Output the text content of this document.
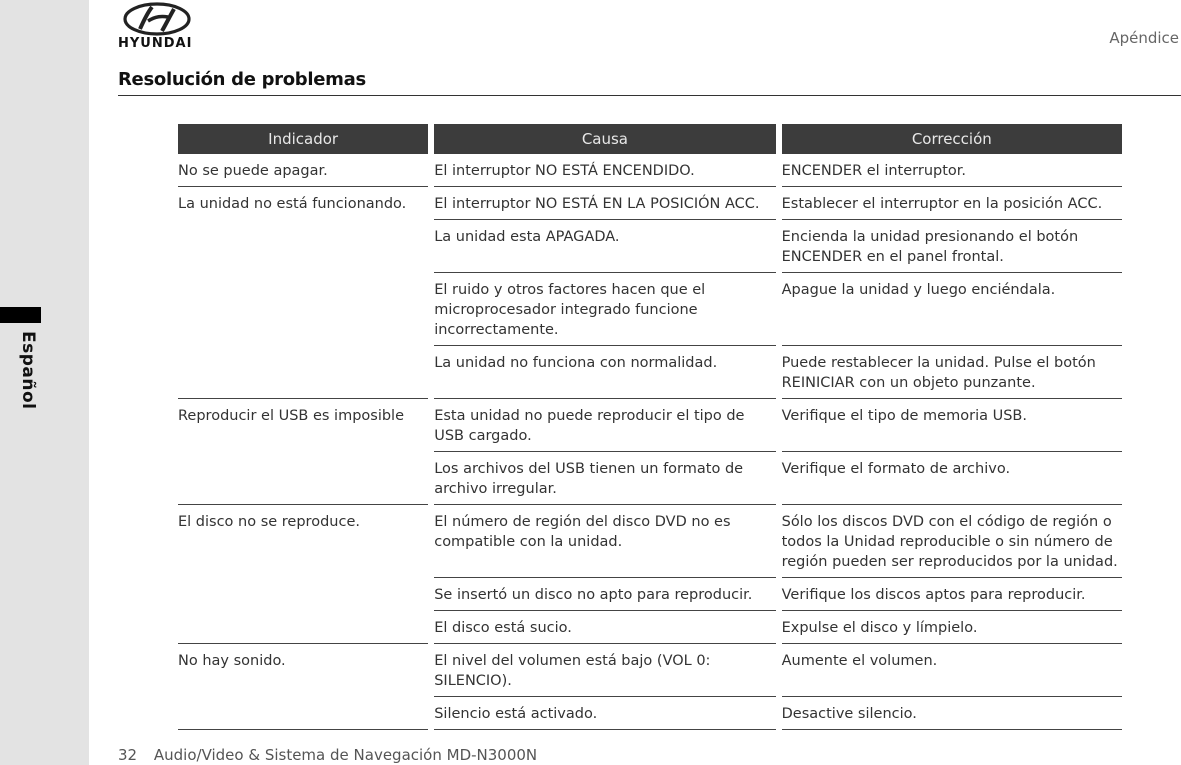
Español
HYUNDAI	Apéndice
Resolución de problemas
Indicador	Causa	Corrección
No se puede apagar.	El interruptor NO ESTÁ ENCENDIDO.	ENCENDER el interruptor.
La unidad no está funcionando.	El interruptor NO ESTÁ EN LA POSICIÓN ACC.	Establecer el interruptor en la posición ACC.
	La unidad esta APAGADA.	Encienda la unidad presionando el botón ENCENDER en el panel frontal.
	El ruido y otros factores hacen que el microprocesador integrado funcione incorrectamente.	Apague la unidad y luego enciéndala.
	La unidad no funciona con normalidad.	Puede restablecer la unidad. Pulse el botón REINICIAR con un objeto punzante.
Reproducir el USB es imposible	Esta unidad no puede reproducir el tipo de USB cargado.	Verifique el tipo de memoria USB.
	Los archivos del USB tienen un formato de archivo irregular.	Verifique el formato de archivo.
El disco no se reproduce.	El número de región del disco DVD no es compatible con la unidad.	Sólo los discos DVD con el código de región o todos la Unidad reproducible o sin número de región pueden ser reproducidos por la unidad.
	Se insertó un disco no apto para reproducir.	Verifique los discos aptos para reproducir.
	El disco está sucio.	Expulse el disco y límpielo.
No hay sonido.	El nivel del volumen está bajo (VOL 0: SILENCIO).	Aumente el volumen.
	Silencio está activado.	Desactive silencio.
32 Audio/Video & Sistema de Navegación MD-N3000N
